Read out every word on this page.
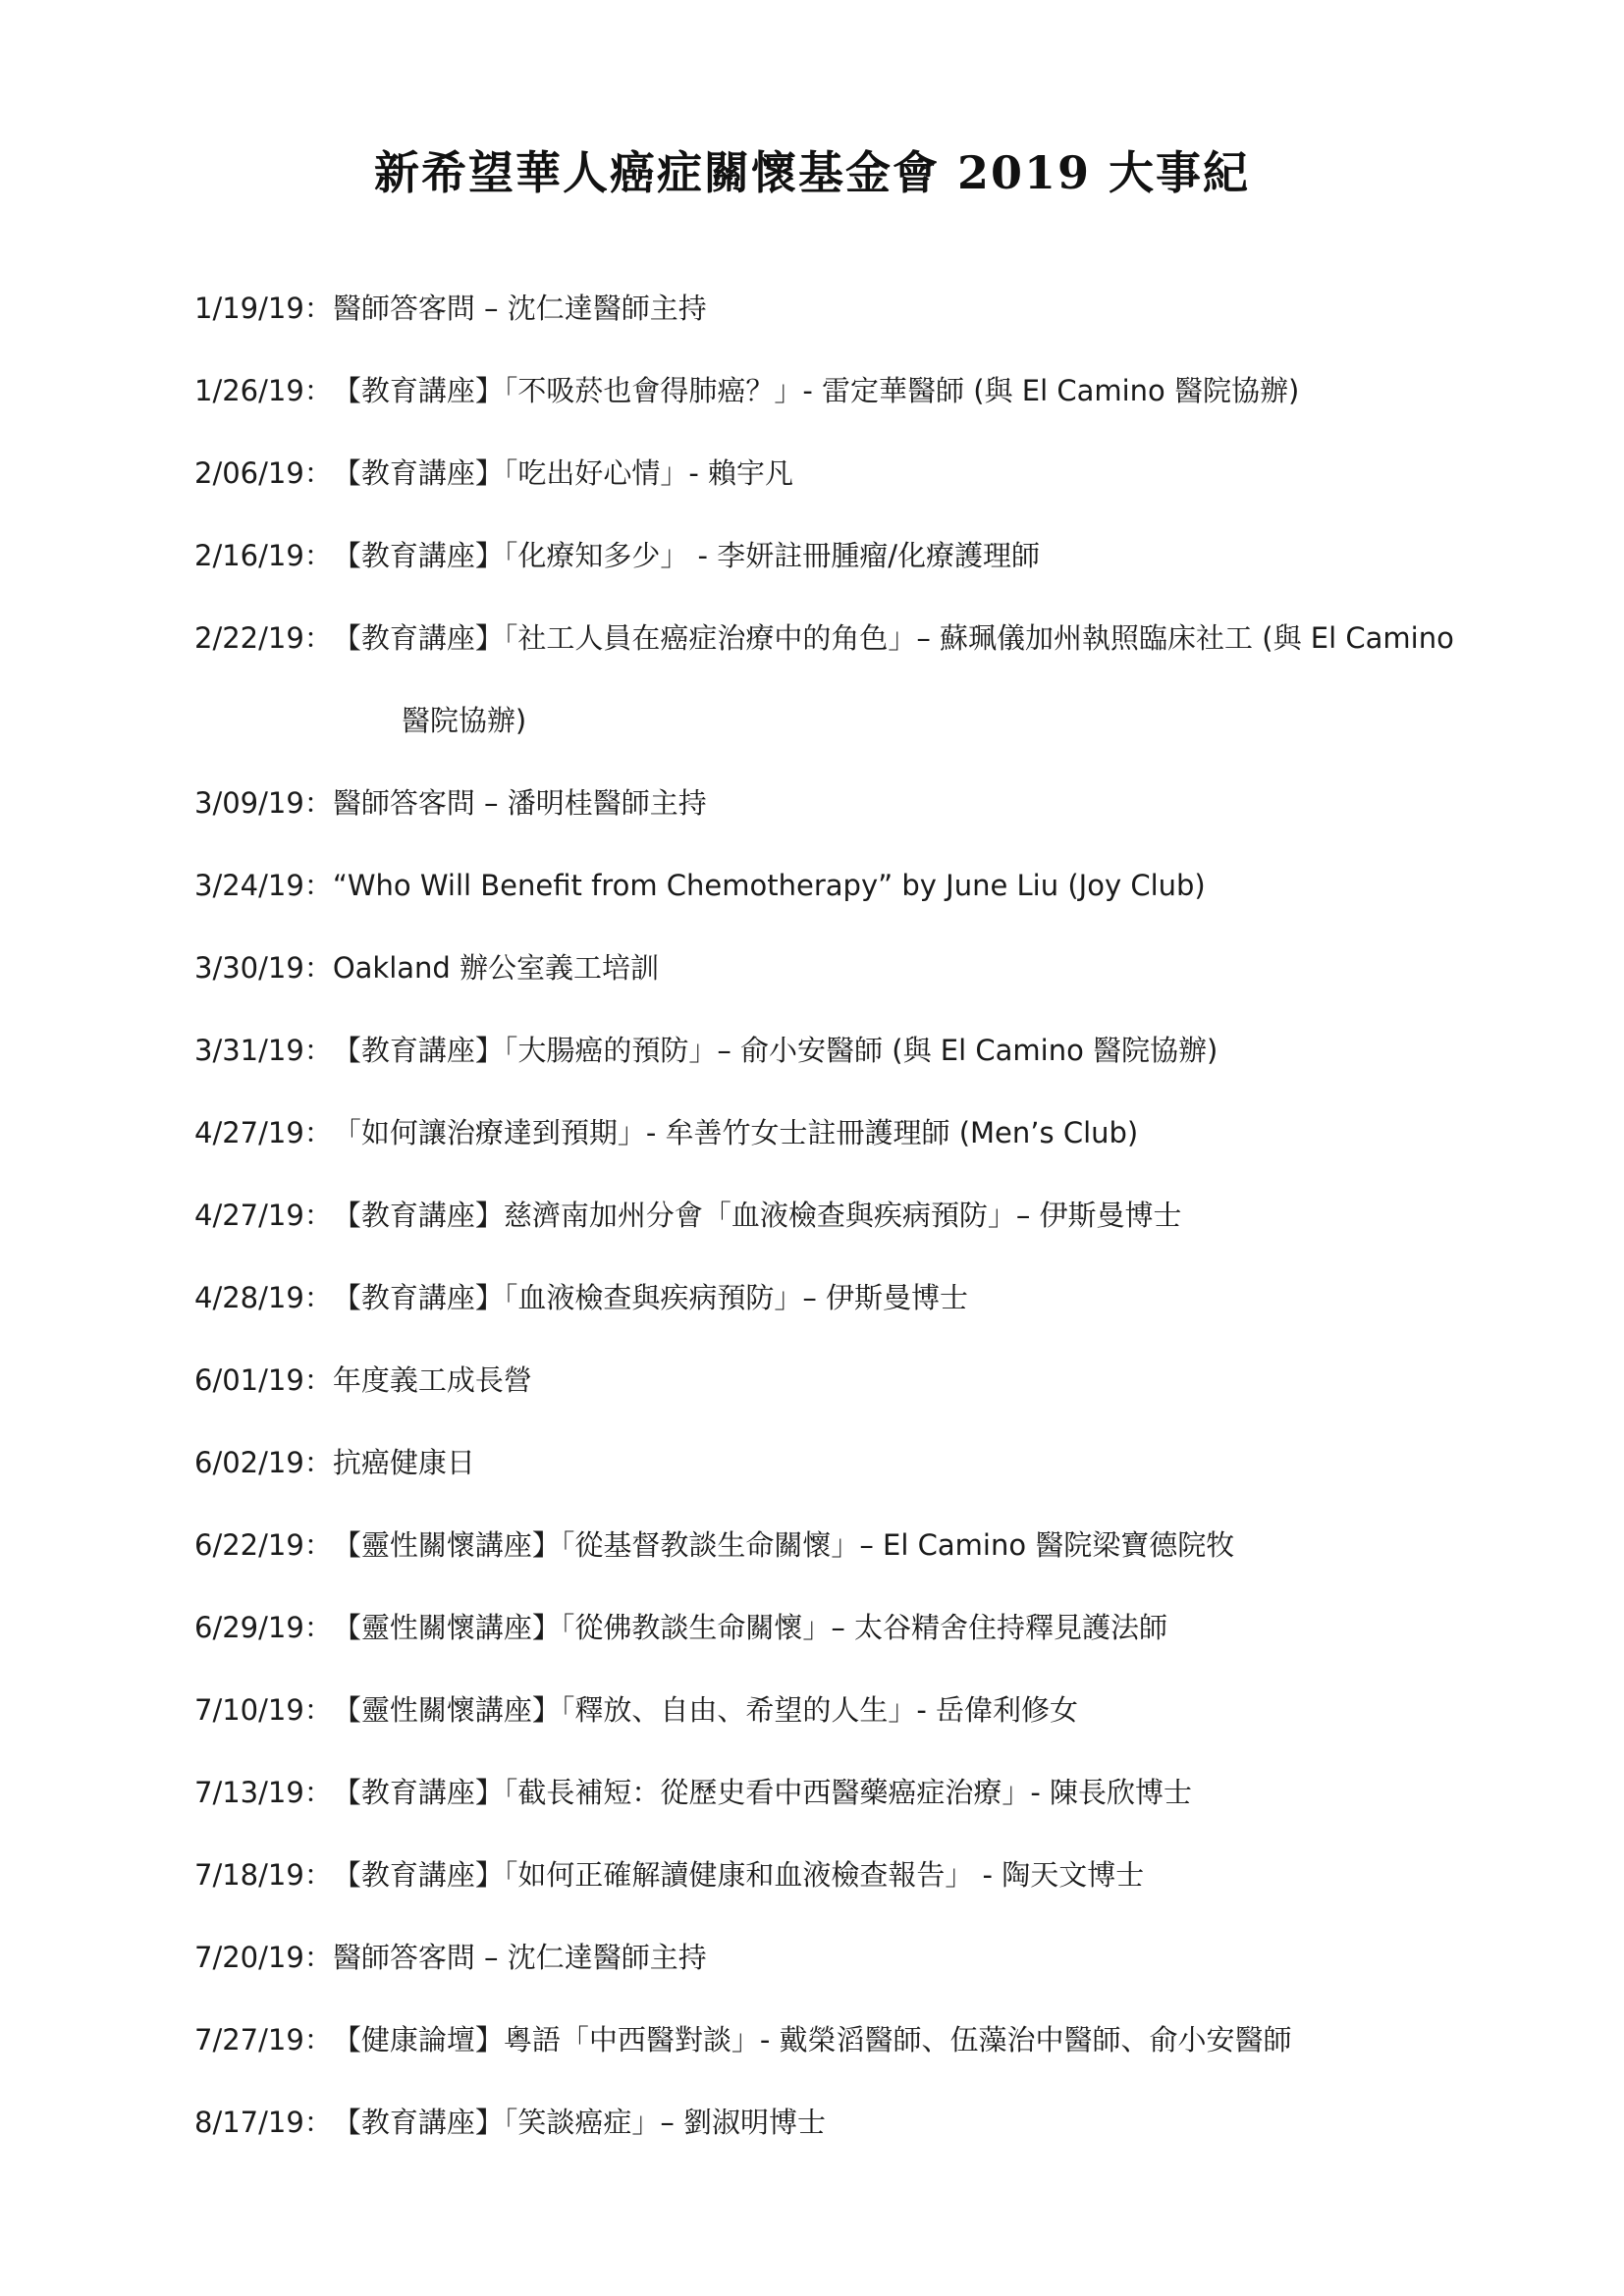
新希望華人癌症關懷基金會 2019 大事紀
1/19/19 ： 醫師答客問 – 沈仁達醫師主持
1/26/19 ： 【教育講座】「不吸菸也會得肺癌？」- 雷定華醫師 (與 El Camino 醫院協辦)
2/06/19 ： 【教育講座】「吃出好心情」- 賴宇凡
2/16/19 ： 【教育講座】「化療知多少」 - 李妍註冊腫瘤/化療護理師
2/22/19 ： 【教育講座】「社工人員在癌症治療中的角色」– 蘇珮儀加州執照臨床社工 (與 El Camino
醫院協辦)
3/09/19 ： 醫師答客問 – 潘明桂醫師主持
3/24/19 ： “Who Will Benefit from Chemotherapy” by June Liu (Joy Club)
3/30/19 ： Oakland 辦公室義工培訓
3/31/19 ： 【教育講座】「大腸癌的預防」– 俞小安醫師 (與 El Camino 醫院協辦)
4/27/19 ： 「如何讓治療達到預期」- 牟善竹女士註冊護理師 (Men’s Club)
4/27/19 ： 【教育講座】慈濟南加州分會「血液檢查與疾病預防」– 伊斯曼博士
4/28/19 ： 【教育講座】「血液檢查與疾病預防」– 伊斯曼博士
6/01/19 ： 年度義工成長營
6/02/19 ： 抗癌健康日
6/22/19 ： 【靈性關懷講座】「從基督教談生命關懷」– El Camino 醫院梁寶德院牧
6/29/19 ： 【靈性關懷講座】「從佛教談生命關懷」– 太谷精舍住持釋見護法師
7/10/19 ： 【靈性關懷講座】「釋放、自由、希望的人生」- 岳偉利修女
7/13/19 ： 【教育講座】「截長補短：從歷史看中西醫藥癌症治療」- 陳長欣博士
7/18/19 ： 【教育講座】「如何正確解讀健康和血液檢查報告」 - 陶天文博士
7/20/19 ： 醫師答客問 – 沈仁達醫師主持
7/27/19 ： 【健康論壇】粵語「中西醫對談」- 戴榮滔醫師、伍藻治中醫師、俞小安醫師
8/17/19 ： 【教育講座】「笑談癌症」– 劉淑明博士
